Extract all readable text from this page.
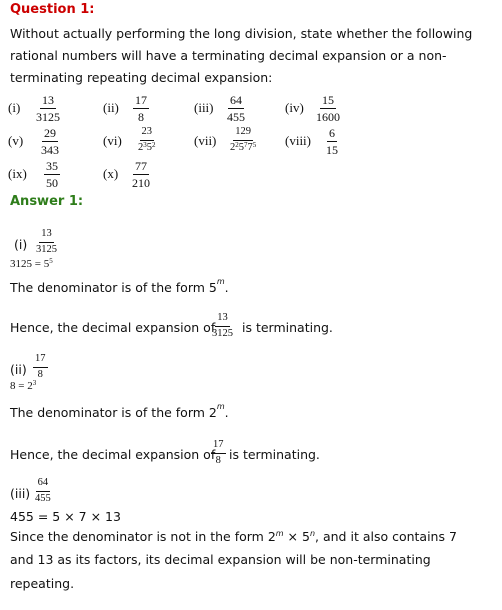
Question 1:
Without actually performing the long division, state whether the following
rational numbers will have a terminating decimal expansion or a non-
terminating repeating decimal expansion:
$(i) \frac{13}{3125}$	$(ii) \frac{17}{8}$	$(iii) \frac{64}{455}$	$(iv) \frac{15}{1600}$
$(v) \frac{29}{343}$	$(vi) \frac{23}{2^35^2}$	$(vii) \frac{129}{2^25^77^5}$ (viii) $\frac{6}{15}$
$(ix) \frac{35}{50}$	$(x) \frac{77}{210}$
Answer 1:
$(i) \frac{13}{3125}$
$3125 = 5^5$
The denominator is of the form 5$^m$.
Hence, the decimal expansion of
$\frac{13}{3125}$ is terminating.
$(ii) \frac{17}{8}$
$8 = 2^3$
The denominator is of the form 2$^m$.
Hence, the decimal expansion of
$\frac{17}{8}$ is terminating.
$(iii) \frac{64}{455}$
455 = 5 × 7 × 13
Since the denominator is not in the form $2^m \times 5^n$, and it also contains 7
and 13 as its factors, its decimal expansion will be non-terminating
repeating.
